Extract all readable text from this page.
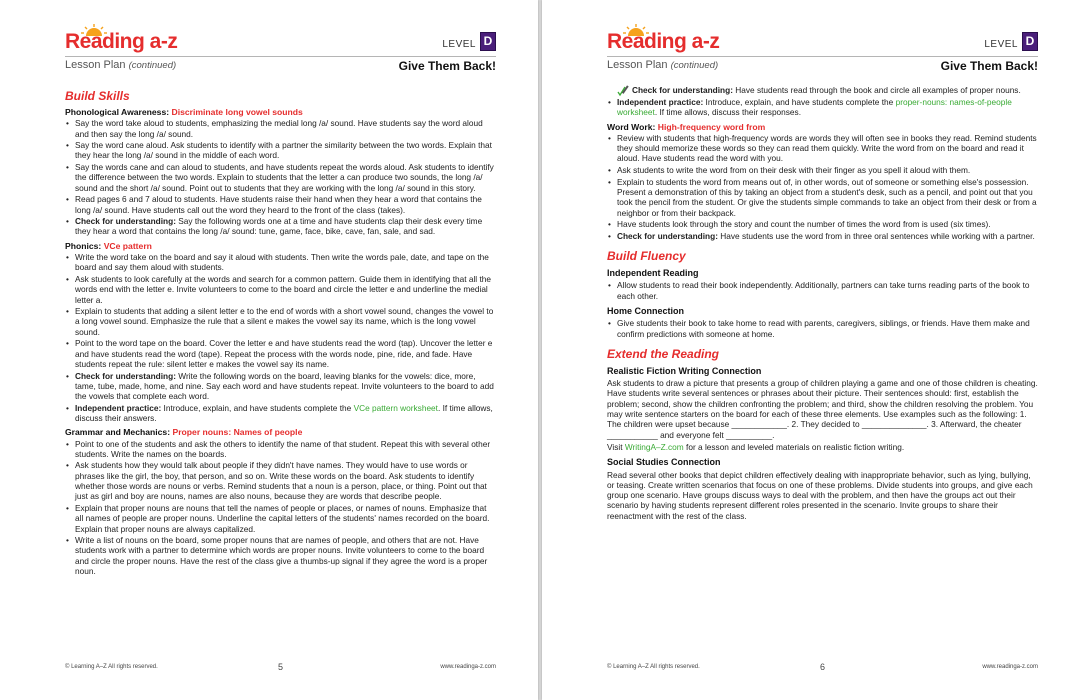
Reading a-z	LEVEL D
Lesson Plan (continued)	Give Them Back!
Build Skills
Phonological Awareness: Discriminate long vowel sounds
• Say the word take aloud to students, emphasizing the medial long /a/ sound. Have students say the word aloud and then say the long /a/ sound.
• Say the word cane aloud. Ask students to identify with a partner the similarity between the two words. Explain that they hear the long /a/ sound in the middle of each word.
• Say the words cane and can aloud to students, and have students repeat the words aloud. Ask students to identify the difference between the two words. Explain to students that the letter a can produce two sounds, the long /a/ sound and the short /a/ sound. Point out to students that they are working with the long /a/ sound in this story.
• Read pages 6 and 7 aloud to students. Have students raise their hand when they hear a word that contains the long /a/ sound. Have students call out the word they heard to the front of the class (takes).
• Check for understanding: Say the following words one at a time and have students clap their desk every time they hear a word that contains the long /a/ sound: tune, game, face, bike, cave, fan, sale, and sad.
Phonics: VCe pattern
• Write the word take on the board and say it aloud with students. Then write the words pale, date, and tape on the board and say them aloud with students.
• Ask students to look carefully at the words and search for a common pattern. Guide them in identifying that all the words end with the letter e. Invite volunteers to come to the board and circle the letter e and underline the medial letter a.
• Explain to students that adding a silent letter e to the end of words with a short vowel sound, changes the vowel to a long vowel sound. Emphasize the rule that a silent e makes the vowel say its name, which is the long vowel sound.
• Point to the word tape on the board. Cover the letter e and have students read the word (tap). Uncover the letter e and have students read the word (tape). Repeat the process with the words node, pine, ride, and fade. Have students repeat the rule: silent letter e makes the vowel say its name.
• Check for understanding: Write the following words on the board, leaving blanks for the vowels: dice, more, tame, tube, made, home, and nine. Say each word and have students repeat. Invite volunteers to the board to add the vowels that complete each word.
• Independent practice: Introduce, explain, and have students complete the VCe pattern worksheet. If time allows, discuss their answers.
Grammar and Mechanics: Proper nouns: Names of people
• Point to one of the students and ask the others to identify the name of that student. Repeat this with several other students. Write the names on the boards.
• Ask students how they would talk about people if they didn't have names. They would have to use words or phrases like the girl, the boy, that person, and so on. Write these words on the board. Ask students to identify whether those words are nouns or verbs. Remind students that a noun is a person, place, or thing. Point out that just as girl and boy are nouns, names are also nouns, because they are words that describe people.
• Explain that proper nouns are nouns that tell the names of people or places, or names of nouns. Emphasize that all names of people are proper nouns. Underline the capital letters of the students' names recorded on the board. Explain that proper nouns are always capitalized.
• Write a list of nouns on the board, some proper nouns that are names of people, and others that are not. Have students work with a partner to determine which words are proper nouns. Invite volunteers to come to the board and circle the proper nouns. Have the rest of the class give a thumbs-up signal if they agree the word is a proper noun.
© Learning A–Z All rights reserved.	5	www.readinga-z.com
Reading a-z	LEVEL D
Lesson Plan (continued)	Give Them Back!
Check for understanding: Have students read through the book and circle all examples of proper nouns.
• Independent practice: Introduce, explain, and have students complete the proper-nouns: names-of-people worksheet. If time allows, discuss their responses.
Word Work: High-frequency word from
• Review with students that high-frequency words are words they will often see in books they read. Remind students they should memorize these words so they can read them quickly. Write the word from on the board and read it aloud. Have students read the word with you.
• Ask students to write the word from on their desk with their finger as you spell it aloud with them.
• Explain to students the word from means out of, in other words, out of someone or something else's possession. Present a demonstration of this by taking an object from a student's desk, such as a pencil, and point out that you took the pencil from the student. Or give the students simple commands to take an object from their desk or from a neighbor or from their backpack.
• Have students look through the story and count the number of times the word from is used (six times).
• Check for understanding: Have students use the word from in three oral sentences while working with a partner.
Build Fluency
Independent Reading
• Allow students to read their book independently. Additionally, partners can take turns reading parts of the book to each other.
Home Connection
• Give students their book to take home to read with parents, caregivers, siblings, or friends. Have them make and confirm predictions with someone at home.
Extend the Reading
Realistic Fiction Writing Connection
Ask students to draw a picture that presents a group of children playing a game and one of those children is cheating. Have students write several sentences or phrases about their picture. Their sentences should: first, establish the problem; second, show the children confronting the problem; and third, show the children resolving the problem. You may write sentence starters on the board for each of these three elements. Use examples such as the following: 1. The children were upset because ____________. 2. They decided to ______________. 3. Afterward, the cheater ___________ and everyone felt __________.
Visit WritingA–Z.com for a lesson and leveled materials on realistic fiction writing.
Social Studies Connection
Read several other books that depict children effectively dealing with inappropriate behavior, such as lying, bullying, or teasing. Create written scenarios that focus on one of these problems. Divide students into groups, and give each group one scenario. Have groups discuss ways to deal with the problem, and then have the groups act out their scenario by having students represent different roles presented in the scenario. Invite groups to share their reenactment with the rest of the class.
© Learning A–Z All rights reserved.	6	www.readinga-z.com
